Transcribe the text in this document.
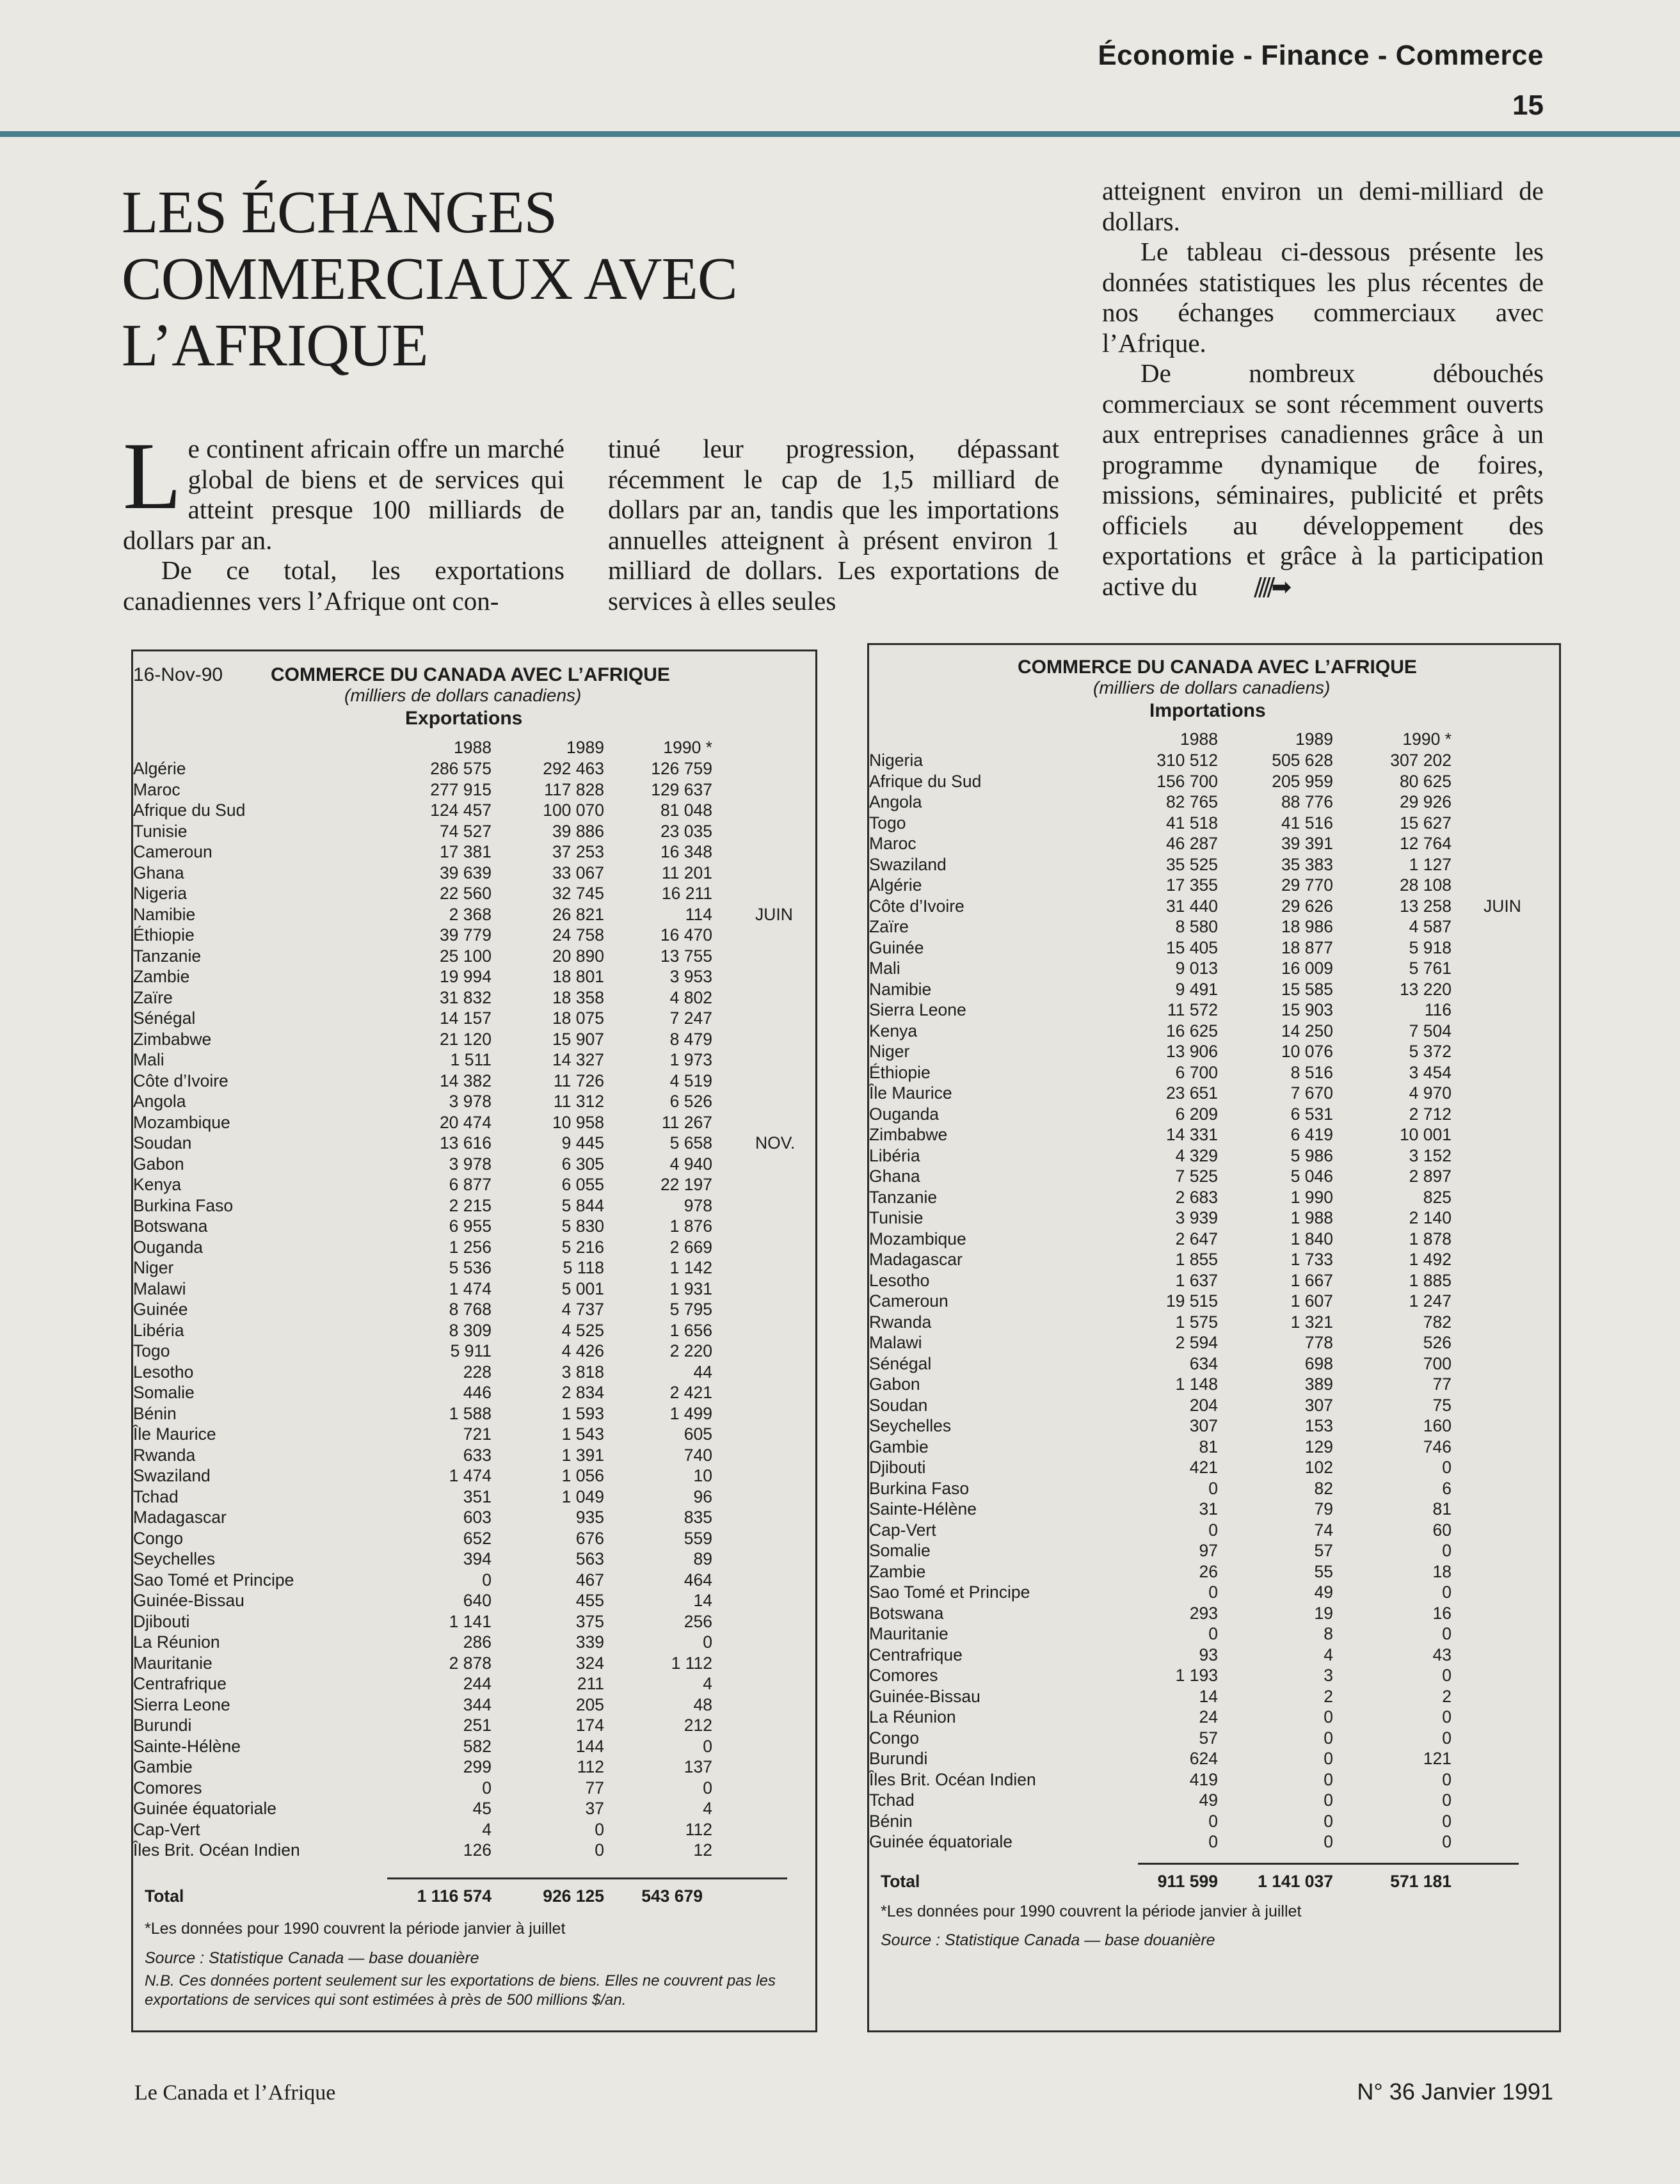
Économie - Finance - Commerce
15
LES ÉCHANGES
COMMERCIAUX AVEC
L’AFRIQUE

Le continent africain offre un marché global de biens et de services qui atteint presque 100 milliards de dollars par an.

De ce total, les exportations canadiennes vers l’Afrique ont con-

tinué leur progression, dépassant récemment le cap de 1,5 milliard de dollars par an, tandis que les importations annuelles atteignent à présent environ 1 milliard de dollars. Les exportations de services à elles seules

atteignent environ un demi-milliard de dollars.

Le tableau ci-dessous présente les données statistiques les plus récentes de nos échanges commerciaux avec l’Afrique.

De nombreux débouchés commerciaux se sont récemment ouverts aux entreprises canadiennes grâce à un programme dynamique de foires, missions, séminaires, publicité et prêts officiels au développement des exportations et grâce à la participation active du ////➡

16-Nov-90 COMMERCE DU CANADA AVEC L’AFRIQUE
(milliers de dollars canadiens)
Exportations
1988	1989	1990 *
Algérie	286 575	292 463	126 759
Maroc	277 915	117 828	129 637
Afrique du Sud	124 457	100 070	81 048
Tunisie	74 527	39 886	23 035
Cameroun	17 381	37 253	16 348
Ghana	39 639	33 067	11 201
Nigeria	22 560	32 745	16 211
Namibie	2 368	26 821	114	JUIN
Éthiopie	39 779	24 758	16 470
Tanzanie	25 100	20 890	13 755
Zambie	19 994	18 801	3 953
Zaïre	31 832	18 358	4 802
Sénégal	14 157	18 075	7 247
Zimbabwe	21 120	15 907	8 479
Mali	1 511	14 327	1 973
Côte d’Ivoire	14 382	11 726	4 519
Angola	3 978	11 312	6 526
Mozambique	20 474	10 958	11 267
Soudan	13 616	9 445	5 658	NOV.
Gabon	3 978	6 305	4 940
Kenya	6 877	6 055	22 197
Burkina Faso	2 215	5 844	978
Botswana	6 955	5 830	1 876
Ouganda	1 256	5 216	2 669
Niger	5 536	5 118	1 142
Malawi	1 474	5 001	1 931
Guinée	8 768	4 737	5 795
Libéria	8 309	4 525	1 656
Togo	5 911	4 426	2 220
Lesotho	228	3 818	44
Somalie	446	2 834	2 421
Bénin	1 588	1 593	1 499
Île Maurice	721	1 543	605
Rwanda	633	1 391	740
Swaziland	1 474	1 056	10
Tchad	351	1 049	96
Madagascar	603	935	835
Congo	652	676	559
Seychelles	394	563	89
Sao Tomé et Principe	0	467	464
Guinée-Bissau	640	455	14
Djibouti	1 141	375	256
La Réunion	286	339	0
Mauritanie	2 878	324	1 112
Centrafrique	244	211	4
Sierra Leone	344	205	48
Burundi	251	174	212
Sainte-Hélène	582	144	0
Gambie	299	112	137
Comores	0	77	0
Guinée équatoriale	45	37	4
Cap-Vert	4	0	112
Îles Brit. Océan Indien	126	0	12
Total	1 116 574	926 125	543 679
*Les données pour 1990 couvrent la période janvier à juillet
Source : Statistique Canada — base douanière
N.B. Ces données portent seulement sur les exportations de biens. Elles ne couvrent pas les
exportations de services qui sont estimées à près de 500 millions $/an.
COMMERCE DU CANADA AVEC L’AFRIQUE
(milliers de dollars canadiens)
Importations
1988	1989	1990 *
Nigeria	310 512	505 628	307 202
Afrique du Sud	156 700	205 959	80 625
Angola	82 765	88 776	29 926
Togo	41 518	41 516	15 627
Maroc	46 287	39 391	12 764
Swaziland	35 525	35 383	1 127
Algérie	17 355	29 770	28 108
Côte d’Ivoire	31 440	29 626	13 258 JUIN
Zaïre	8 580	18 986	4 587
Guinée	15 405	18 877	5 918
Mali	9 013	16 009	5 761
Namibie	9 491	15 585	13 220
Sierra Leone	11 572	15 903	116
Kenya	16 625	14 250	7 504
Niger	13 906	10 076	5 372
Éthiopie	6 700	8 516	3 454
Île Maurice	23 651	7 670	4 970
Ouganda	6 209	6 531	2 712
Zimbabwe	14 331	6 419	10 001
Libéria	4 329	5 986	3 152
Ghana	7 525	5 046	2 897
Tanzanie	2 683	1 990	825
Tunisie	3 939	1 988	2 140
Mozambique	2 647	1 840	1 878
Madagascar	1 855	1 733	1 492
Lesotho	1 637	1 667	1 885
Cameroun	19 515	1 607	1 247
Rwanda	1 575	1 321	782
Malawi	2 594	778	526
Sénégal	634	698	700
Gabon	1 148	389	77
Soudan	204	307	75
Seychelles	307	153	160
Gambie	81	129	746
Djibouti	421	102	0
Burkina Faso	0	82	6
Sainte-Hélène	31	79	81
Cap-Vert	0	74	60
Somalie	97	57	0
Zambie	26	55	18
Sao Tomé et Principe	0	49	0
Botswana	293	19	16
Mauritanie	0	8	0
Centrafrique	93	4	43
Comores	1 193	3	0
Guinée-Bissau	14	2	2
La Réunion	24	0	0
Congo	57	0	0
Burundi	624	0	121
Îles Brit. Océan Indien	419	0	0
Tchad	49	0	0
Bénin	0	0	0
Guinée équatoriale	0	0	0
Total	911 599	1 141 037	571 181
*Les données pour 1990 couvrent la période janvier à juillet
Source : Statistique Canada — base douanière
Le Canada et l’Afrique	N° 36 Janvier 1991
